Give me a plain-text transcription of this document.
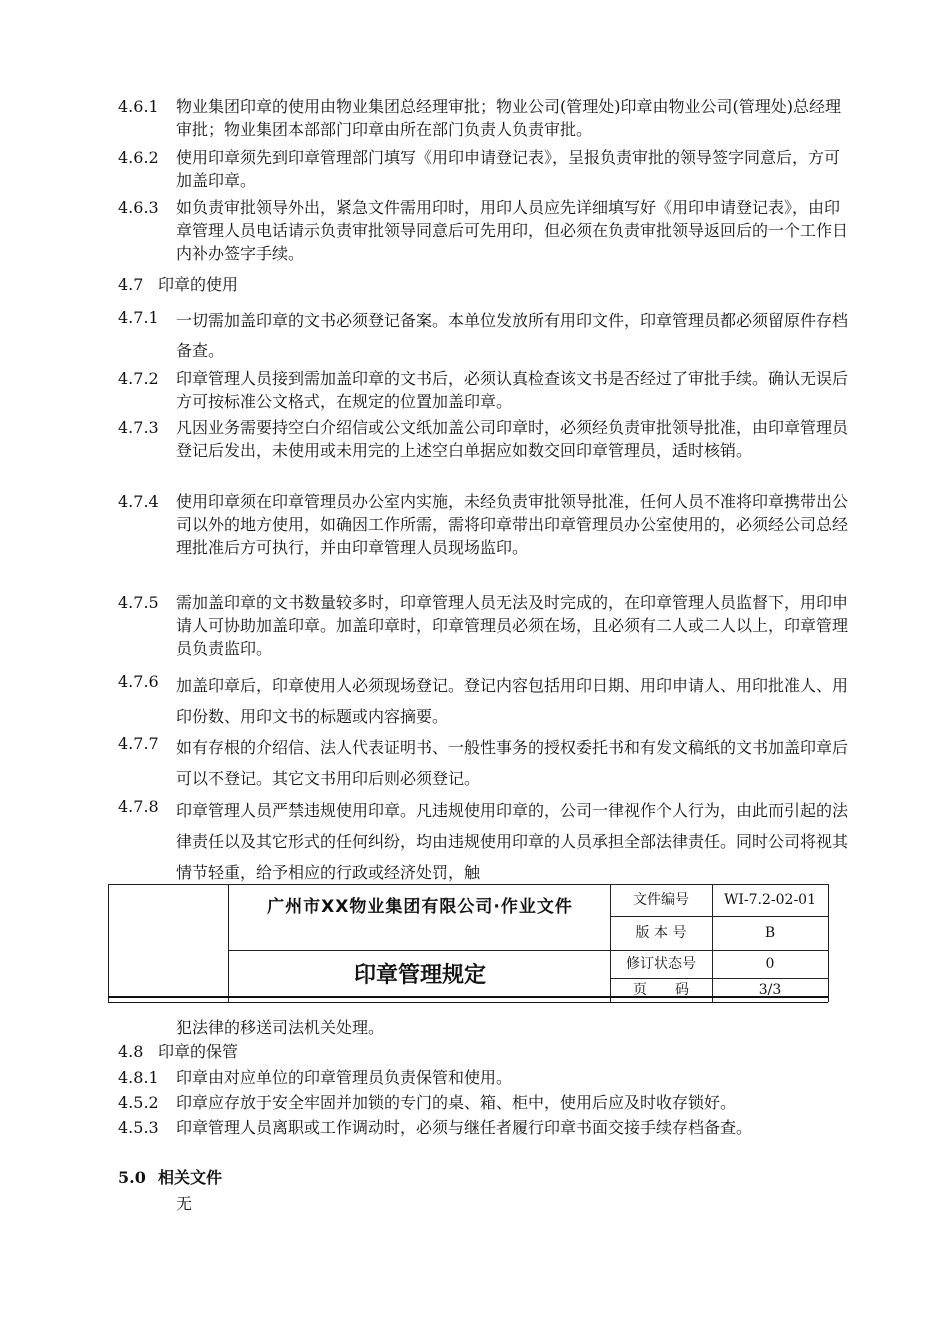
4.6.1	物业集团印章的使用由物业集团总经理审批；物业公司(管理处)印章由物业公司(管理处)总经理审批；物业集团本部部门印章由所在部门负责人负责审批。
4.6.2	使用印章须先到印章管理部门填写《用印申请登记表》，呈报负责审批的领导签字同意后，方可加盖印章。
4.6.3	如负责审批领导外出，紧急文件需用印时，用印人员应先详细填写好《用印申请登记表》，由印章管理人员电话请示负责审批领导同意后可先用印，但必须在负责审批领导返回后的一个工作日内补办签字手续。
4.7 印章的使用
4.7.1	一切需加盖印章的文书必须登记备案。本单位发放所有用印文件，印章管理员都必须留原件存档备查。
4.7.2	印章管理人员接到需加盖印章的文书后，必须认真检查该文书是否经过了审批手续。确认无误后方可按标准公文格式，在规定的位置加盖印章。
4.7.3	凡因业务需要持空白介绍信或公文纸加盖公司印章时，必须经负责审批领导批准，由印章管理员登记后发出，未使用或未用完的上述空白单据应如数交回印章管理员，适时核销。
4.7.4	使用印章须在印章管理员办公室内实施，未经负责审批领导批准，任何人员不准将印章携带出公司以外的地方使用，如确因工作所需，需将印章带出印章管理员办公室使用的，必须经公司总经理批准后方可执行，并由印章管理人员现场监印。
4.7.5	需加盖印章的文书数量较多时，印章管理人员无法及时完成的，在印章管理人员监督下，用印申请人可协助加盖印章。加盖印章时，印章管理员必须在场，且必须有二人或二人以上，印章管理员负责监印。
4.7.6	加盖印章后，印章使用人必须现场登记。登记内容包括用印日期、用印申请人、用印批准人、用印份数、用印文书的标题或内容摘要。
4.7.7	如有存根的介绍信、法人代表证明书、一般性事务的授权委托书和有发文稿纸的文书加盖印章后可以不登记。其它文书用印后则必须登记。
4.7.8	印章管理人员严禁违规使用印章。凡违规使用印章的，公司一律视作个人行为，由此而引起的法律责任以及其它形式的任何纠纷，均由违规使用印章的人员承担全部法律责任。同时公司将视其情节轻重，给予相应的行政或经济处罚，触
广州市XX物业集团有限公司·作业文件
印章管理规定
文件编号	WI-7.2-02-01
版 本 号	B
修订状态号	0
页　　码	3/3
犯法律的移送司法机关处理。
4.8 印章的保管
4.8.1	印章由对应单位的印章管理员负责保管和使用。
4.5.2	印章应存放于安全牢固并加锁的专门的桌、箱、柜中，使用后应及时收存锁好。
4.5.3	印章管理人员离职或工作调动时，必须与继任者履行印章书面交接手续存档备查。
5.0 相关文件
无
